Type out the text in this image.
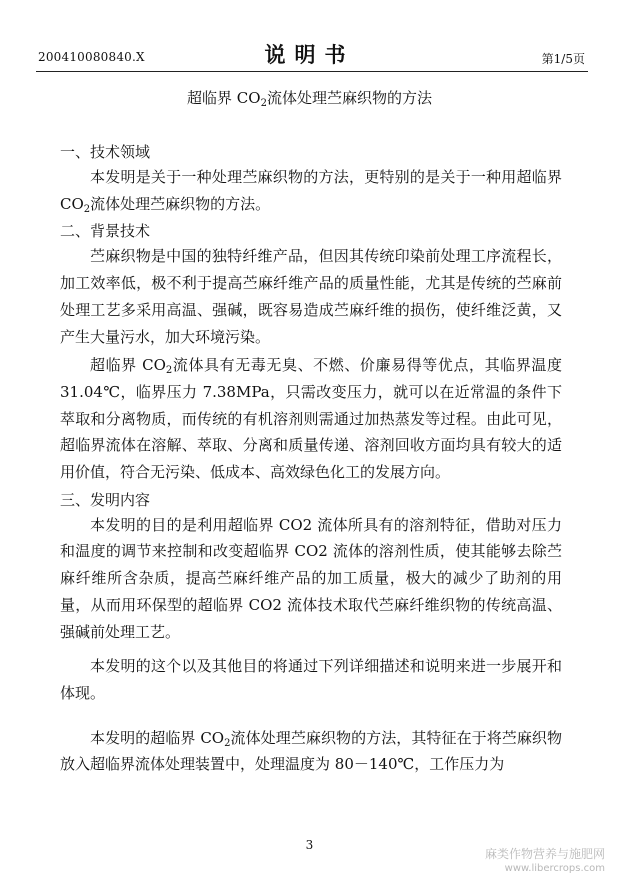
200410080840.X	说明书	第1/5页
超临界 $CO_2$流体处理苎麻织物的方法
一、技术领域
本发明是关于一种处理苎麻织物的方法，更特别的是关于一种用超临界 $CO_2$流体处理苎麻织物的方法。
二、背景技术
苎麻织物是中国的独特纤维产品，但因其传统印染前处理工序流程长，加工效率低，极不利于提高苎麻纤维产品的质量性能，尤其是传统的苎麻前处理工艺多采用高温、强碱，既容易造成苎麻纤维的损伤，使纤维泛黄，又产生大量污水，加大环境污染。
超临界 $CO_2$流体具有无毒无臭、不燃、价廉易得等优点，其临界温度 31.04℃，临界压力 7.38MPa，只需改变压力，就可以在近常温的条件下萃取和分离物质，而传统的有机溶剂则需通过加热蒸发等过程。由此可见，超临界流体在溶解、萃取、分离和质量传递、溶剂回收方面均具有较大的适用价值，符合无污染、低成本、高效绿色化工的发展方向。
三、发明内容
本发明的目的是利用超临界 CO2 流体所具有的溶剂特征，借助对压力和温度的调节来控制和改变超临界 CO2 流体的溶剂性质，使其能够去除苎麻纤维所含杂质，提高苎麻纤维产品的加工质量，极大的减少了助剂的用量，从而用环保型的超临界 CO2 流体技术取代苎麻纤维织物的传统高温、强碱前处理工艺。
本发明的这个以及其他目的将通过下列详细描述和说明来进一步展开和体现。
本发明的超临界 $CO_2$流体处理苎麻织物的方法，其特征在于将苎麻织物放入超临界流体处理装置中，处理温度为 80－140℃，工作压力为
3
麻类作物营养与施肥网
www.libercrops.com
